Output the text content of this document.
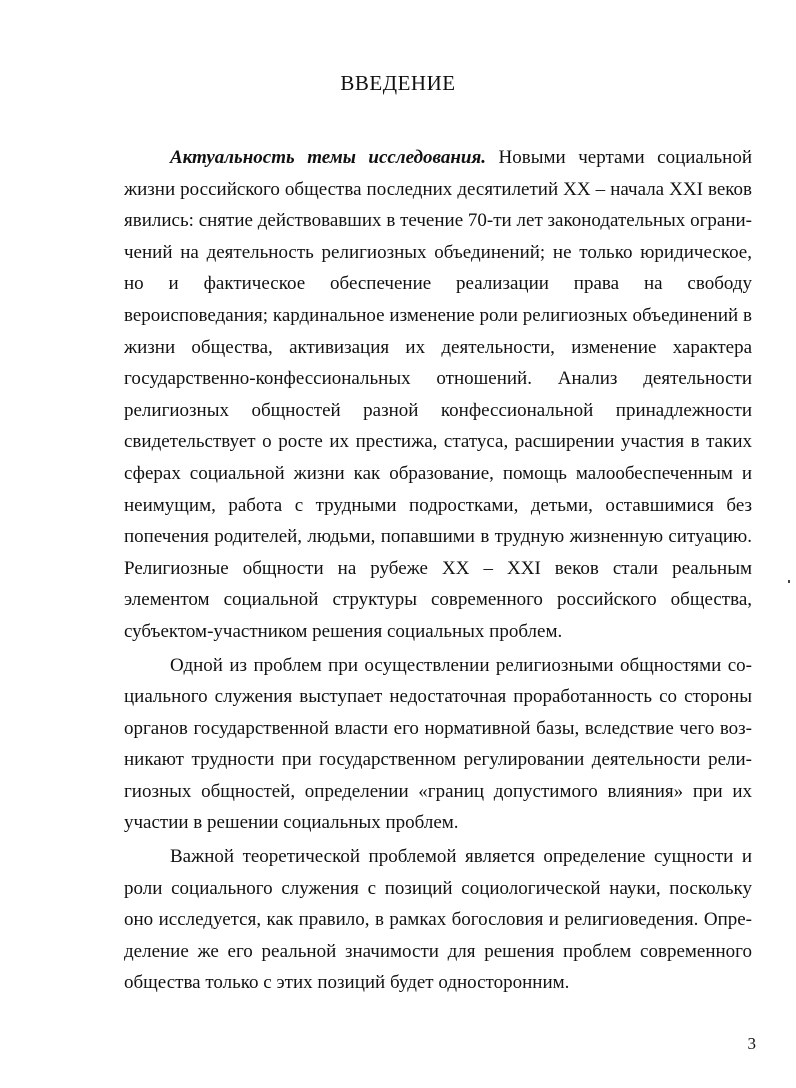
ВВЕДЕНИЕ

Актуальность темы исследования. Новыми чертами социальной жизни российского общества последних десятилетий XX – начала XXI веков явились: снятие действовавших в течение 70-ти лет законодательных ограничений на деятельность религиозных объединений; не только юридическое, но и фактическое обеспечение реализации права на свободу вероисповедания; кардинальное изменение роли религиозных объединений в жизни общества, активизация их деятельности, изменение характера государственно-конфессиональных отношений. Анализ деятельности религиозных общностей разной конфессиональной принадлежности свидетельствует о росте их престижа, статуса, расширении участия в таких сферах социальной жизни как образование, помощь малообеспеченным и неимущим, работа с трудными подростками, детьми, оставшимися без попечения родителей, людьми, попавшими в трудную жизненную ситуацию. Религиозные общности на рубеже XX – XXI веков стали реальным элементом социальной структуры современного российского общества, субъектом-участником решения социальных проблем.

Одной из проблем при осуществлении религиозными общностями социального служения выступает недостаточная проработанность со стороны органов государственной власти его нормативной базы, вследствие чего возникают трудности при государственном регулировании деятельности религиозных общностей, определении «границ допустимого влияния» при их участии в решении социальных проблем.

Важной теоретической проблемой является определение сущности и роли социального служения с позиций социологической науки, поскольку оно исследуется, как правило, в рамках богословия и религиоведения. Определение же его реальной значимости для решения проблем современного общества только с этих позиций будет односторонним.

3
